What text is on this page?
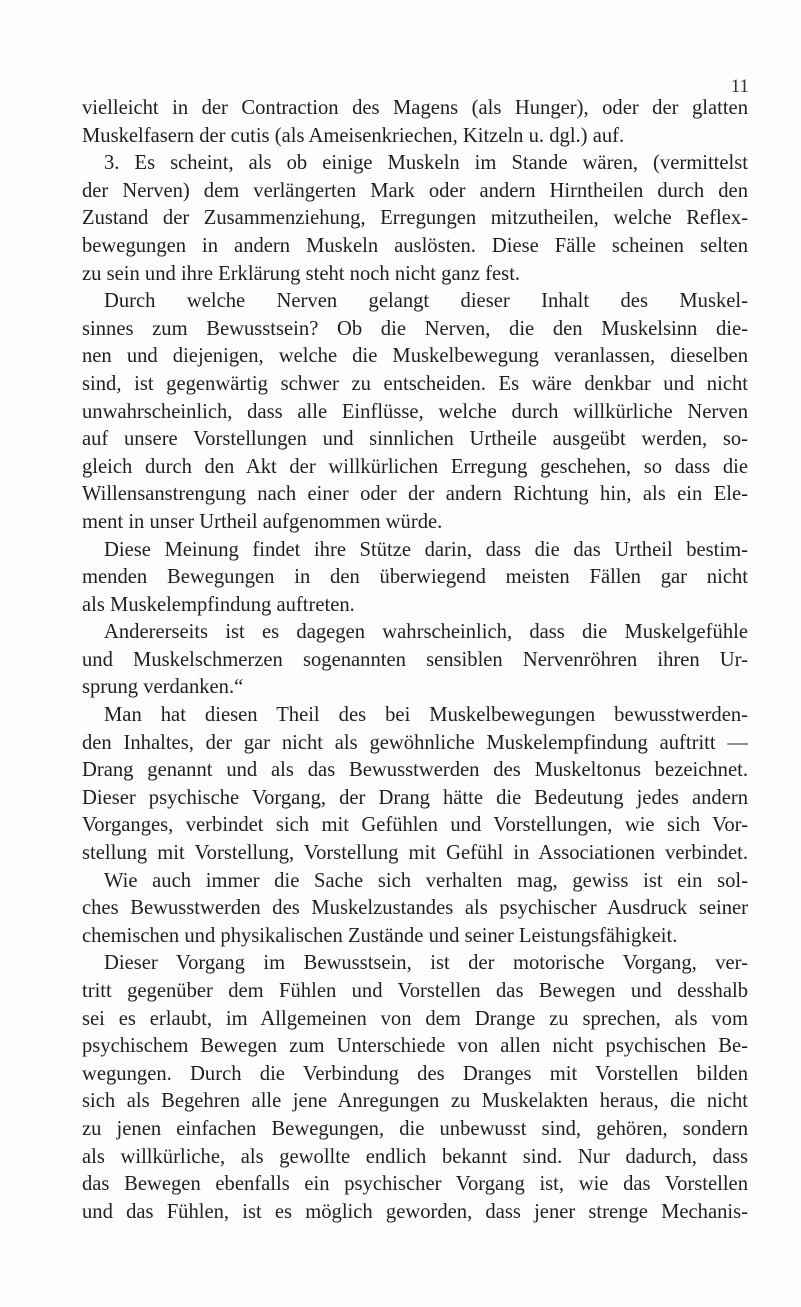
11
vielleicht in der Contraction des Magens (als Hunger), oder der glatten
Muskelfasern der cutis (als Ameisenkriechen, Kitzeln u. dgl.) auf.
3. Es scheint, als ob einige Muskeln im Stande wären, (vermittelst
der Nerven) dem verlängerten Mark oder andern Hirntheilen durch den
Zustand der Zusammenziehung, Erregungen mitzutheilen, welche Reflex-
bewegungen in andern Muskeln auslösten. Diese Fälle scheinen selten
zu sein und ihre Erklärung steht noch nicht ganz fest.
Durch welche Nerven gelangt dieser Inhalt des Muskel-
sinnes zum Bewusstsein? Ob die Nerven, die den Muskelsinn die-
nen und diejenigen, welche die Muskelbewegung veranlassen, dieselben
sind, ist gegenwärtig schwer zu entscheiden. Es wäre denkbar und nicht
unwahrscheinlich, dass alle Einflüsse, welche durch willkürliche Nerven
auf unsere Vorstellungen und sinnlichen Urtheile ausgeübt werden, so-
gleich durch den Akt der willkürlichen Erregung geschehen, so dass die
Willensanstrengung nach einer oder der andern Richtung hin, als ein Ele-
ment in unser Urtheil aufgenommen würde.
Diese Meinung findet ihre Stütze darin, dass die das Urtheil bestim-
menden Bewegungen in den überwiegend meisten Fällen gar nicht
als Muskelempfindung auftreten.
Andererseits ist es dagegen wahrscheinlich, dass die Muskelgefühle
und Muskelschmerzen sogenannten sensiblen Nervenröhren ihren Ur-
sprung verdanken.“
Man hat diesen Theil des bei Muskelbewegungen bewusstwerden-
den Inhaltes, der gar nicht als gewöhnliche Muskelempfindung auftritt —
Drang genannt und als das Bewusstwerden des Muskeltonus bezeichnet.
Dieser psychische Vorgang, der Drang hätte die Bedeutung jedes andern
Vorganges, verbindet sich mit Gefühlen und Vorstellungen, wie sich Vor-
stellung mit Vorstellung, Vorstellung mit Gefühl in Associationen verbindet.
Wie auch immer die Sache sich verhalten mag, gewiss ist ein sol-
ches Bewusstwerden des Muskelzustandes als psychischer Ausdruck seiner
chemischen und physikalischen Zustände und seiner Leistungsfähigkeit.
Dieser Vorgang im Bewusstsein, ist der motorische Vorgang, ver-
tritt gegenüber dem Fühlen und Vorstellen das Bewegen und desshalb
sei es erlaubt, im Allgemeinen von dem Drange zu sprechen, als vom
psychischem Bewegen zum Unterschiede von allen nicht psychischen Be-
wegungen. Durch die Verbindung des Dranges mit Vorstellen bilden
sich als Begehren alle jene Anregungen zu Muskelakten heraus, die nicht
zu jenen einfachen Bewegungen, die unbewusst sind, gehören, sondern
als willkürliche, als gewollte endlich bekannt sind. Nur dadurch, dass
das Bewegen ebenfalls ein psychischer Vorgang ist, wie das Vorstellen
und das Fühlen, ist es möglich geworden, dass jener strenge Mechanis-
